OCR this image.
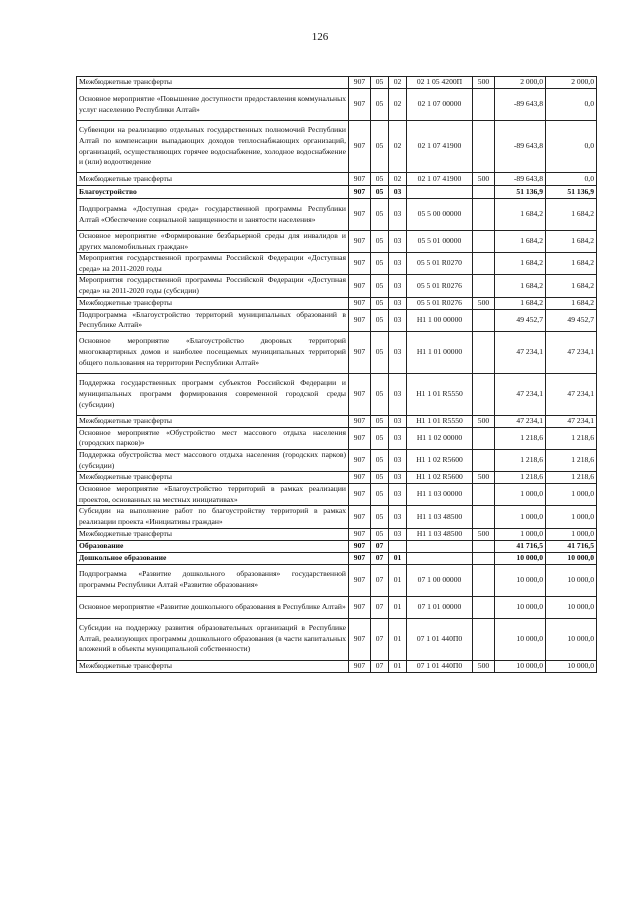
126
Межбюджетные трансферты	907	05	02	02 1 05 4200П	500	2 000,0	2 000,0
Основное мероприятие «Повышение доступности предоставления коммунальных услуг населению Республики Алтай»	907	05	02	02 1 07 00000		-89 643,8	0,0
Субвенции на реализацию отдельных государственных полномочий Республики Алтай по компенсации выпадающих доходов теплоснабжающих организаций, организаций, осуществляющих горячее водоснабжение, холодное водоснабжение и (или) водоотведение	907	05	02	02 1 07 41900		-89 643,8	0,0
Межбюджетные трансферты	907	05	02	02 1 07 41900	500	-89 643,8	0,0
Благоустройство	907	05	03			51 136,9	51 136,9
Подпрограмма «Доступная среда» государственной программы Республики Алтай «Обеспечение социальной защищенности и занятости населения»	907	05	03	05 5 00 00000		1 684,2	1 684,2
Основное мероприятие «Формирование безбарьерной среды для инвалидов и других маломобильных граждан»	907	05	03	05 5 01 00000		1 684,2	1 684,2
Мероприятия государственной программы Российской Федерации «Доступная среда» на 2011-2020 годы	907	05	03	05 5 01 R0270		1 684,2	1 684,2
Мероприятия государственной программы Российской Федерации «Доступная среда» на 2011-2020 годы (субсидии)	907	05	03	05 5 01 R0276		1 684,2	1 684,2
Межбюджетные трансферты	907	05	03	05 5 01 R0276	500	1 684,2	1 684,2
Подпрограмма «Благоустройство территорий муниципальных образований в Республике Алтай»	907	05	03	Н1 1 00 00000		49 452,7	49 452,7
Основное мероприятие «Благоустройство дворовых территорий многоквартирных домов и наиболее посещаемых муниципальных территорий общего пользования на территории Республики Алтай»	907	05	03	Н1 1 01 00000		47 234,1	47 234,1
Поддержка государственных программ субъектов Российской Федерации и муниципальных программ формирования современной городской среды (субсидии)	907	05	03	Н1 1 01 R5550		47 234,1	47 234,1
Межбюджетные трансферты	907	05	03	Н1 1 01 R5550	500	47 234,1	47 234,1
Основное мероприятие «Обустройство мест массового отдыха населения (городских парков)»	907	05	03	Н1 1 02 00000		1 218,6	1 218,6
Поддержка обустройства мест массового отдыха населения (городских парков) (субсидии)	907	05	03	Н1 1 02 R5600		1 218,6	1 218,6
Межбюджетные трансферты	907	05	03	Н1 1 02 R5600	500	1 218,6	1 218,6
Основное мероприятие «Благоустройство территорий в рамках реализации проектов, основанных на местных инициативах»	907	05	03	Н1 1 03 00000		1 000,0	1 000,0
Субсидии на выполнение работ по благоустройству территорий в рамках реализации проекта «Инициативы граждан»	907	05	03	Н1 1 03 48500		1 000,0	1 000,0
Межбюджетные трансферты	907	05	03	Н1 1 03 48500	500	1 000,0	1 000,0
Образование	907	07				41 716,5	41 716,5
Дошкольное образование	907	07	01			10 000,0	10 000,0
Подпрограмма «Развитие дошкольного образования» государственной программы Республики Алтай «Развитие образования»	907	07	01	07 1 00 00000		10 000,0	10 000,0
Основное мероприятие «Развитие дошкольного образования в Республике Алтай»	907	07	01	07 1 01 00000		10 000,0	10 000,0
Субсидии на поддержку развития образовательных организаций в Республике Алтай, реализующих программы дошкольного образования (в части капитальных вложений в объекты муниципальной собственности)	907	07	01	07 1 01 440П0		10 000,0	10 000,0
Межбюджетные трансферты	907	07	01	07 1 01 440П0	500	10 000,0	10 000,0
